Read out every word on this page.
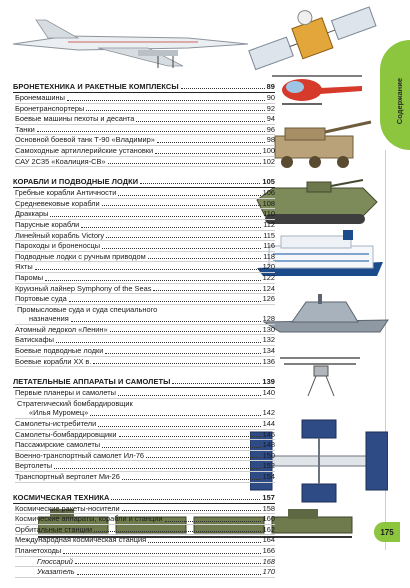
Содержание
БРОНЕТЕХНИКА И РАКЕТНЫЕ КОМПЛЕКСЫ	89
Бронемашины	90
Бронетранспортеры	92
Боевые машины пехоты и десанта	94
Танки	96
Основной боевой танк Т-90 «Владимир»	98
Самоходные артиллерийские установки	100
САУ 2С35 «Коалиция-СВ»	102
КОРАБЛИ И ПОДВОДНЫЕ ЛОДКИ	105
Гребные корабли Античности	106
Средневековые корабли	108
Драккары	110
Парусные корабли	112
Линейный корабль Victory	115
Пароходы и броненосцы	116
Подводные лодки с ручным приводом	118
Яхты	120
Паромы	122
Круизный лайнер Symphony of the Seas	124
Портовые суда	126
Промысловые суда и суда специального
назначения	128
Атомный ледокол «Ленин»	130
Батискафы	132
Боевые подводные лодки	134
Боевые корабли XX в.	136
ЛЕТАТЕЛЬНЫЕ АППАРАТЫ И САМОЛЕТЫ	139
Первые планеры и самолеты	140
Стратегический бомбардировщик
«Илья Муромец»	142
Самолеты-истребители	144
Самолеты-бомбардировщики	146
Пассажирские самолеты	148
Военно-транспортный самолет Ил-76	150
Вертолеты	152
Транспортный вертолет Ми-26	154
КОСМИЧЕСКАЯ ТЕХНИКА	157
Космические ракеты-носители	158
Космические аппараты, корабли и станции	160
Орбитальные станции	162
Международная космическая станция	164
Планетоходы	166
Глоссарий	168
Указатель	170
175
